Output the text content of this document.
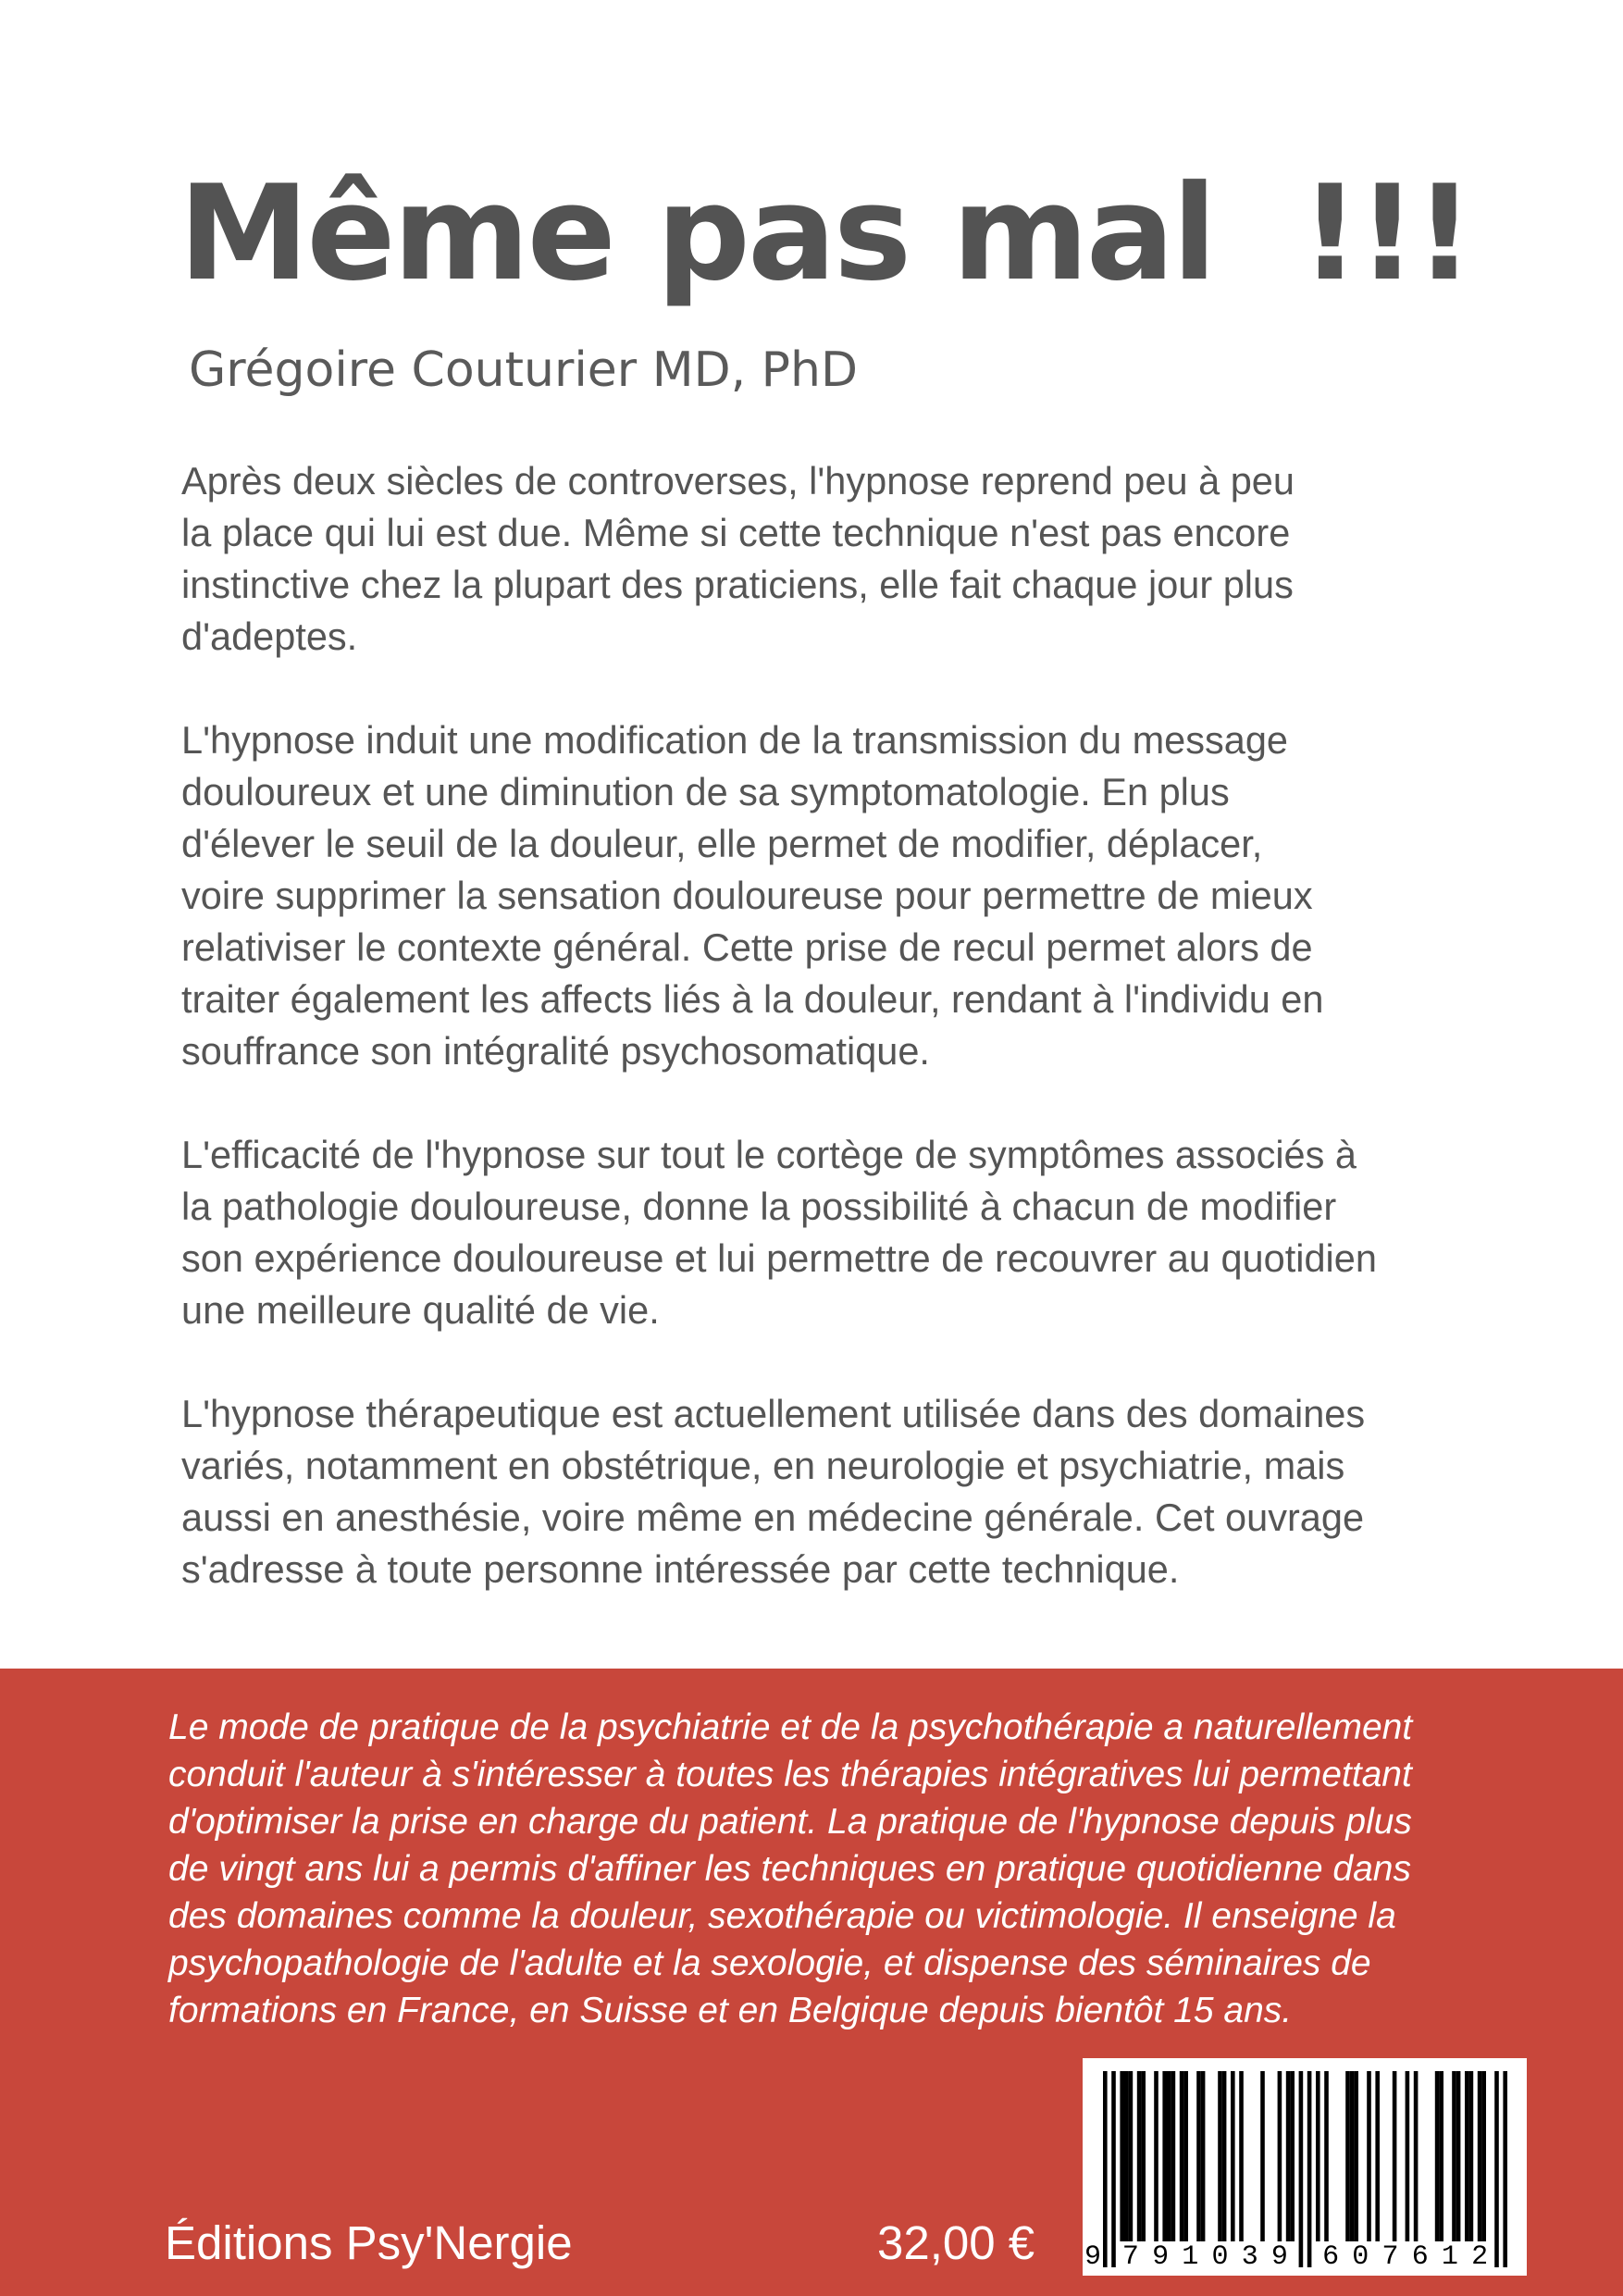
Même pas mal  !!!
Grégoire Couturier MD, PhD
Après deux siècles de controverses, l'hypnose reprend peu à peu
la place qui lui est due. Même si cette technique n'est pas encore
instinctive chez la plupart des praticiens, elle fait chaque jour plus
d'adeptes.
L'hypnose induit une modification de la transmission du message
douloureux et une diminution de sa symptomatologie. En plus
d'élever le seuil de la douleur, elle permet de modifier, déplacer,
voire supprimer la sensation douloureuse pour permettre de mieux
relativiser le contexte général. Cette prise de recul permet alors de
traiter également les affects liés à la douleur, rendant à l'individu en
souffrance son intégralité psychosomatique.
L'efficacité de l'hypnose sur tout le cortège de symptômes associés à
la pathologie douloureuse, donne la possibilité à chacun de modifier
son expérience douloureuse et lui permettre de recouvrer au quotidien
une meilleure qualité de vie.
L'hypnose thérapeutique est actuellement utilisée dans des domaines
variés, notamment en obstétrique, en neurologie et psychiatrie, mais
aussi en anesthésie, voire même en médecine générale. Cet ouvrage
s'adresse à toute personne intéressée par cette technique.
Le mode de pratique de la psychiatrie et de la psychothérapie a naturellement
conduit l'auteur à s'intéresser à toutes les thérapies intégratives lui permettant
d'optimiser la prise en charge du patient. La pratique de l'hypnose depuis plus
de vingt ans lui a permis d'affiner les techniques en pratique quotidienne dans
des domaines comme la douleur, sexothérapie ou victimologie. Il enseigne la
psychopathologie de l'adulte et la sexologie, et dispense des séminaires de
formations en France, en Suisse et en Belgique depuis bientôt 15 ans.
Éditions Psy'Nergie	32,00 € 9 7 9 1 0 3 9 6 0 7 6 1 2
